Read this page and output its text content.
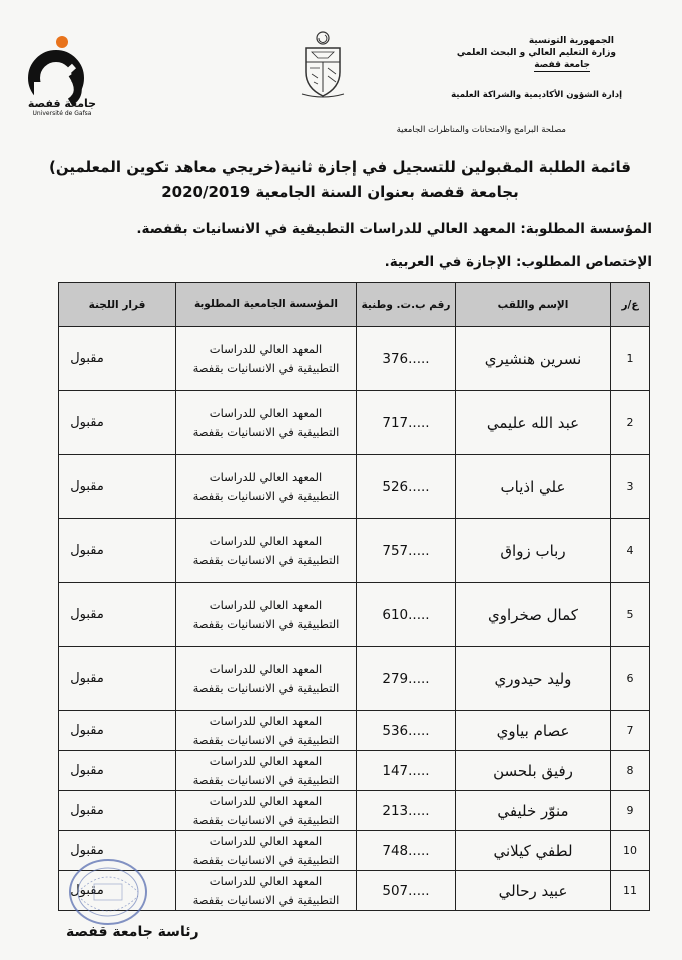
جامعة قفصة
Université de Gafsa
الجمهورية التونسية
وزارة التعليم العالي و البحث العلمي
جامعة قفصة
إدارة الشؤون الأكاديمية والشراكة العلمية
مصلحة البرامج والامتحانات والمناظرات الجامعية
قائمة الطلبة المقبولين للتسجيل في إجازة ثانية(خريجي معاهد تكوين المعلمين)
بجامعة قفصة بعنوان السنة الجامعية 2020/2019
المؤسسة المطلوبة: المعهد العالي للدراسات التطبيقية في الانسانيات بقفصة.
الإختصاص المطلوب: الإجازة في العربية.
ع/ر	الإسم واللقب	رقم ب.ت. وطنية	المؤسسة الجامعية المطلوبة	قرار اللجنة
1	نسرين هنشيري	376.....	المعهد العالي للدراسات
التطبيقية في الانسانيات بقفصة	مقبول
2	عبد الله عليمي	717.....	المعهد العالي للدراسات
التطبيقية في الانسانيات بقفصة	مقبول
3	علي اذياب	526.....	المعهد العالي للدراسات
التطبيقية في الانسانيات بقفصة	مقبول
4	رباب زواق	757.....	المعهد العالي للدراسات
التطبيقية في الانسانيات بقفصة	مقبول
5	كمال صخراوي	610.....	المعهد العالي للدراسات
التطبيقية في الانسانيات بقفصة	مقبول
6	وليد حيدوري	279.....	المعهد العالي للدراسات
التطبيقية في الانسانيات بقفصة	مقبول
7	عصام بياوي	536.....	المعهد العالي للدراسات
التطبيقية في الانسانيات بقفصة	مقبول
8	رفيق بلحسن	147.....	المعهد العالي للدراسات
التطبيقية في الانسانيات بقفصة	مقبول
9	منوّر خليفي	213.....	المعهد العالي للدراسات
التطبيقية في الانسانيات بقفصة	مقبول
10	لطفي كيلاني	748.....	المعهد العالي للدراسات
التطبيقية في الانسانيات بقفصة	مقبول
11	عبيد رحالي	507.....	المعهد العالي للدراسات
التطبيقية في الانسانيات بقفصة	مقبول
رئاسة جامعة قفصة
